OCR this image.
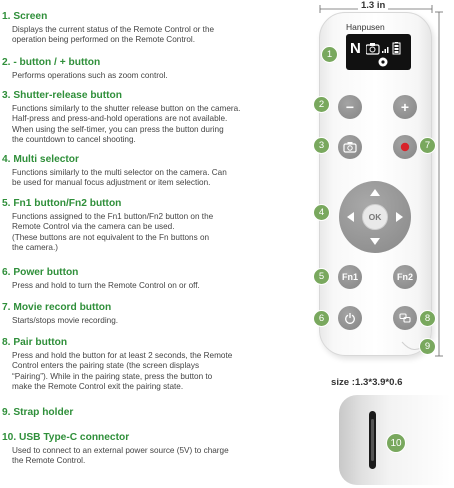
1. Screen
Displays the current status of the Remote Control or the
operation being performed on the Remote Control.
2. - button / + button
Performs operations such as zoom control.
3. Shutter-release button
Functions similarly to the shutter release button on the camera.
Half-press and press-and-hold operations are not available.
When using the self-timer, you can press the button during
the countdown to cancel shooting.
4. Multi selector
Functions similarly to the multi selector on the camera. Can
be used for manual focus adjustment or item selection.
5. Fn1 button/Fn2 button
Functions assigned to the Fn1 button/Fn2 button on the
Remote Control via the camera can be used.
(These buttons are not equivalent to the Fn buttons on
the camera.)
6. Power button
Press and hold to turn the Remote Control on or off.
7. Movie record button
Starts/stops movie recording.
8. Pair button
Press and hold the button for at least 2 seconds, the Remote
Control enters the pairing state (the screen displays
“Pairing”). While in the pairing state, press the button to
make the Remote Control exit the pairing state.
9. Strap holder
10. USB Type-C connector
Used to connect to an external power source (5V) to charge
the Remote Control.
1.3 in
Hanpusen
N
−	+
OK
Fn1	Fn2
1
2
3
4
5
6
7
8
9
size :1.3*3.9*0.6
10
